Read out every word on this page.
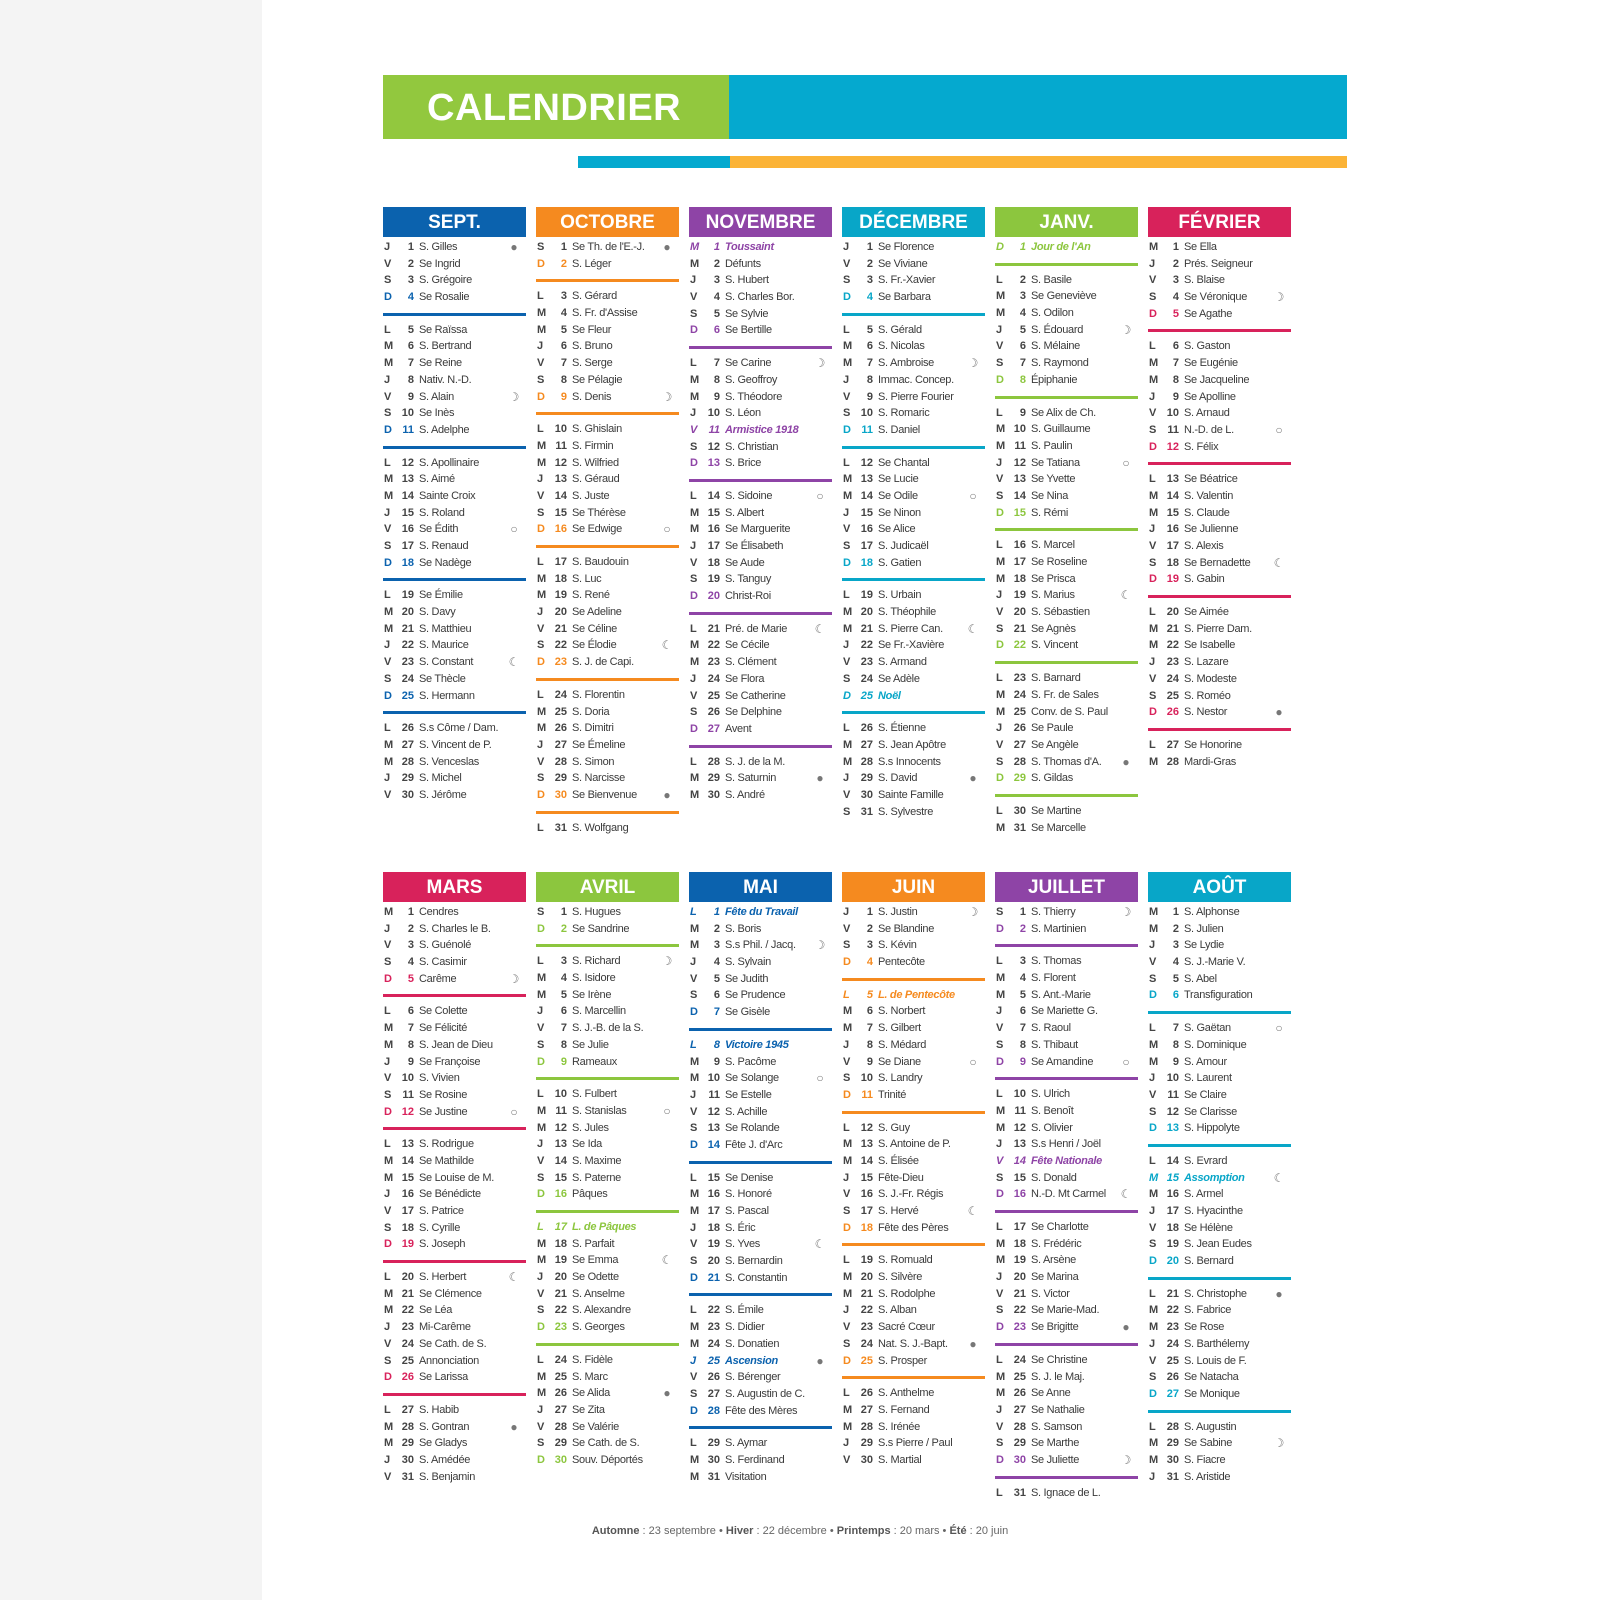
CALENDRIER
SEPT.
J	1 S. Gilles	●
V	2 Se Ingrid
S	3 S. Grégoire
D	4 Se Rosalie
L	5 Se Raïssa
M	6 S. Bertrand
M	7 Se Reine
J	8 Nativ. N.-D.
V	9 S. Alain	☽
S 10 Se Inès
D 11 S. Adelphe
L	12 S. Apollinaire
M 13 S. Aimé
M 14 Sainte Croix
J	15 S. Roland
V 16 Se Édith	○
S 17 S. Renaud
D 18 Se Nadège
L	19 Se Émilie
M 20 S. Davy
M 21 S. Matthieu
J	22 S. Maurice
V 23 S. Constant	☾
S 24 Se Thècle
D 25 S. Hermann
L	26 S.s Côme / Dam.
M 27 S. Vincent de P.
M 28 S. Venceslas
J	29 S. Michel
V 30 S. Jérôme
OCTOBRE
S	1 Se Th. de l'E.-J.	●
D	2 S. Léger
L	3 S. Gérard
M	4 S. Fr. d'Assise
M	5 Se Fleur
J	6 S. Bruno
V	7 S. Serge
S	8 Se Pélagie
D	9 S. Denis	☽
L	10 S. Ghislain
M 11 S. Firmin
M 12 S. Wilfried
J	13 S. Géraud
V 14 S. Juste
S 15 Se Thérèse
D 16 Se Edwige	○
L	17 S. Baudouin
M 18 S. Luc
M 19 S. René
J	20 Se Adeline
V 21 Se Céline
S 22 Se Élodie	☾
D 23 S. J. de Capi.
L	24 S. Florentin
M 25 S. Doria
M 26 S. Dimitri
J	27 Se Émeline
V 28 S. Simon
S 29 S. Narcisse
D 30 Se Bienvenue	●
L	31 S. Wolfgang
NOVEMBRE
M	1 Toussaint
M	2 Défunts
J	3 S. Hubert
V	4 S. Charles Bor.
S	5 Se Sylvie
D	6 Se Bertille
L	7 Se Carine	☽
M	8 S. Geoffroy
M	9 S. Théodore
J	10 S. Léon
V	11 Armistice 1918
S 12 S. Christian
D 13 S. Brice
L	14 S. Sidoine	○
M 15 S. Albert
M 16 Se Marguerite
J	17 Se Élisabeth
V 18 Se Aude
S 19 S. Tanguy
D 20 Christ-Roi
L	21 Pré. de Marie	☾
M 22 Se Cécile
M 23 S. Clément
J	24 Se Flora
V 25 Se Catherine
S 26 Se Delphine
D 27 Avent
L	28 S. J. de la M.
M 29 S. Saturnin	●
M 30 S. André
DÉCEMBRE
J	1 Se Florence
V	2 Se Viviane
S	3 S. Fr.-Xavier
D	4 Se Barbara
L	5 S. Gérald
M	6 S. Nicolas
M	7 S. Ambroise	☽
J	8 Immac. Concep.
V	9 S. Pierre Fourier
S 10 S. Romaric
D 11 S. Daniel
L	12 Se Chantal
M 13 Se Lucie
M 14 Se Odile	○
J	15 Se Ninon
V 16 Se Alice
S 17 S. Judicaël
D 18 S. Gatien
L	19 S. Urbain
M 20 S. Théophile
M 21 S. Pierre Can.	☾
J	22 Se Fr.-Xavière
V 23 S. Armand
S 24 Se Adèle
D 25 Noël
L	26 S. Étienne
M 27 S. Jean Apôtre
M 28 S.s Innocents
J	29 S. David	●
V 30 Sainte Famille
S 31 S. Sylvestre
JANV.
D	1 Jour de l'An
L	2 S. Basile
M	3 Se Geneviève
M	4 S. Odilon
J	5 S. Édouard	☽
V	6 S. Mélaine
S	7 S. Raymond
D	8 Épiphanie
L	9 Se Alix de Ch.
M 10 S. Guillaume
M 11 S. Paulin
J	12 Se Tatiana	○
V 13 Se Yvette
S 14 Se Nina
D 15 S. Rémi
L	16 S. Marcel
M 17 Se Roseline
M 18 Se Prisca
J	19 S. Marius	☾
V 20 S. Sébastien
S 21 Se Agnès
D 22 S. Vincent
L	23 S. Barnard
M 24 S. Fr. de Sales
M 25 Conv. de S. Paul
J	26 Se Paule
V 27 Se Angèle
S 28 S. Thomas d'A.	●
D 29 S. Gildas
L	30 Se Martine
M 31 Se Marcelle
FÉVRIER
M	1 Se Ella
J	2 Prés. Seigneur
V	3 S. Blaise
S	4 Se Véronique	☽
D	5 Se Agathe
L	6 S. Gaston
M	7 Se Eugénie
M	8 Se Jacqueline
J	9 Se Apolline
V 10 S. Arnaud
S	11 N.-D. de L.	○
D 12 S. Félix
L	13 Se Béatrice
M 14 S. Valentin
M 15 S. Claude
J	16 Se Julienne
V 17 S. Alexis
S 18 Se Bernadette	☾
D 19 S. Gabin
L	20 Se Aimée
M 21 S. Pierre Dam.
M 22 Se Isabelle
J	23 S. Lazare
V 24 S. Modeste
S 25 S. Roméo
D 26 S. Nestor	●
L	27 Se Honorine
M 28 Mardi-Gras
MARS
M	1 Cendres
J	2 S. Charles le B.
V	3 S. Guénolé
S	4 S. Casimir
D	5 Carême	☽
L	6 Se Colette
M	7 Se Félicité
M	8 S. Jean de Dieu
J	9 Se Françoise
V 10 S. Vivien
S	11 Se Rosine
D 12 Se Justine	○
L	13 S. Rodrigue
M 14 Se Mathilde
M 15 Se Louise de M.
J	16 Se Bénédicte
V 17 S. Patrice
S 18 S. Cyrille
D 19 S. Joseph
L	20 S. Herbert	☾
M 21 Se Clémence
M 22 Se Léa
J	23 Mi-Carême
V 24 Se Cath. de S.
S 25 Annonciation
D 26 Se Larissa
L	27 S. Habib
M 28 S. Gontran	●
M 29 Se Gladys
J	30 S. Amédée
V 31 S. Benjamin
AVRIL
S	1 S. Hugues
D	2 Se Sandrine
L	3 S. Richard	☽
M	4 S. Isidore
M	5 Se Irène
J	6 S. Marcellin
V	7 S. J.-B. de la S.
S	8 Se Julie
D	9 Rameaux
L	10 S. Fulbert
M 11 S. Stanislas	○
M 12 S. Jules
J	13 Se Ida
V 14 S. Maxime
S 15 S. Paterne
D 16 Pâques
L	17 L. de Pâques
M 18 S. Parfait
M 19 Se Emma	☾
J	20 Se Odette
V 21 S. Anselme
S 22 S. Alexandre
D 23 S. Georges
L	24 S. Fidèle
M 25 S. Marc
M 26 Se Alida	●
J	27 Se Zita
V 28 Se Valérie
S 29 Se Cath. de S.
D 30 Souv. Déportés
MAI
L	1 Fête du Travail
M	2 S. Boris
M	3 S.s Phil. / Jacq.	☽
J	4 S. Sylvain
V	5 Se Judith
S	6 Se Prudence
D	7 Se Gisèle
L	8 Victoire 1945
M	9 S. Pacôme
M 10 Se Solange	○
J	11 Se Estelle
V 12 S. Achille
S 13 Se Rolande
D 14 Fête J. d'Arc
L	15 Se Denise
M 16 S. Honoré
M 17 S. Pascal
J	18 S. Éric
V 19 S. Yves	☾
S 20 S. Bernardin
D 21 S. Constantin
L	22 S. Émile
M 23 S. Didier
M 24 S. Donatien
J	25 Ascension	●
V 26 S. Bérenger
S 27 S. Augustin de C.
D 28 Fête des Mères
L	29 S. Aymar
M 30 S. Ferdinand
M 31 Visitation
JUIN
J	1 S. Justin	☽
V	2 Se Blandine
S	3 S. Kévin
D	4 Pentecôte
L	5 L. de Pentecôte
M	6 S. Norbert
M	7 S. Gilbert
J	8 S. Médard
V	9 Se Diane	○
S 10 S. Landry
D 11 Trinité
L	12 S. Guy
M 13 S. Antoine de P.
M 14 S. Élisée
J	15 Fête-Dieu
V 16 S. J.-Fr. Régis
S 17 S. Hervé	☾
D 18 Fête des Pères
L	19 S. Romuald
M 20 S. Silvère
M 21 S. Rodolphe
J	22 S. Alban
V 23 Sacré Cœur
S 24 Nat. S. J.-Bapt.	●
D 25 S. Prosper
L	26 S. Anthelme
M 27 S. Fernand
M 28 S. Irénée
J	29 S.s Pierre / Paul
V 30 S. Martial
JUILLET
S	1 S. Thierry	☽
D	2 S. Martinien
L	3 S. Thomas
M	4 S. Florent
M	5 S. Ant.-Marie
J	6 Se Mariette G.
V	7 S. Raoul
S	8 S. Thibaut
D	9 Se Amandine	○
L	10 S. Ulrich
M 11 S. Benoît
M 12 S. Olivier
J	13 S.s Henri / Joël
V 14 Fête Nationale
S 15 S. Donald
D 16 N.-D. Mt Carmel	☾
L	17 Se Charlotte
M 18 S. Frédéric
M 19 S. Arsène
J	20 Se Marina
V 21 S. Victor
S 22 Se Marie-Mad.
D 23 Se Brigitte	●
L	24 Se Christine
M 25 S. J. le Maj.
M 26 Se Anne
J	27 Se Nathalie
V 28 S. Samson
S 29 Se Marthe
D 30 Se Juliette	☽
L	31 S. Ignace de L.
AOÛT
M	1 S. Alphonse
M	2 S. Julien
J	3 Se Lydie
V	4 S. J.-Marie V.
S	5 S. Abel
D	6 Transfiguration
L	7 S. Gaëtan	○
M	8 S. Dominique
M	9 S. Amour
J	10 S. Laurent
V	11 Se Claire
S 12 Se Clarisse
D 13 S. Hippolyte
L	14 S. Evrard
M 15 Assomption	☾
M 16 S. Armel
J	17 S. Hyacinthe
V 18 Se Hélène
S 19 S. Jean Eudes
D 20 S. Bernard
L	21 S. Christophe	●
M 22 S. Fabrice
M 23 Se Rose
J	24 S. Barthélemy
V 25 S. Louis de F.
S 26 Se Natacha
D 27 Se Monique
L	28 S. Augustin
M 29 Se Sabine	☽
M 30 S. Fiacre
J	31 S. Aristide
Automne : 23 septembre • Hiver : 22 décembre • Printemps : 20 mars • Été : 20 juin
